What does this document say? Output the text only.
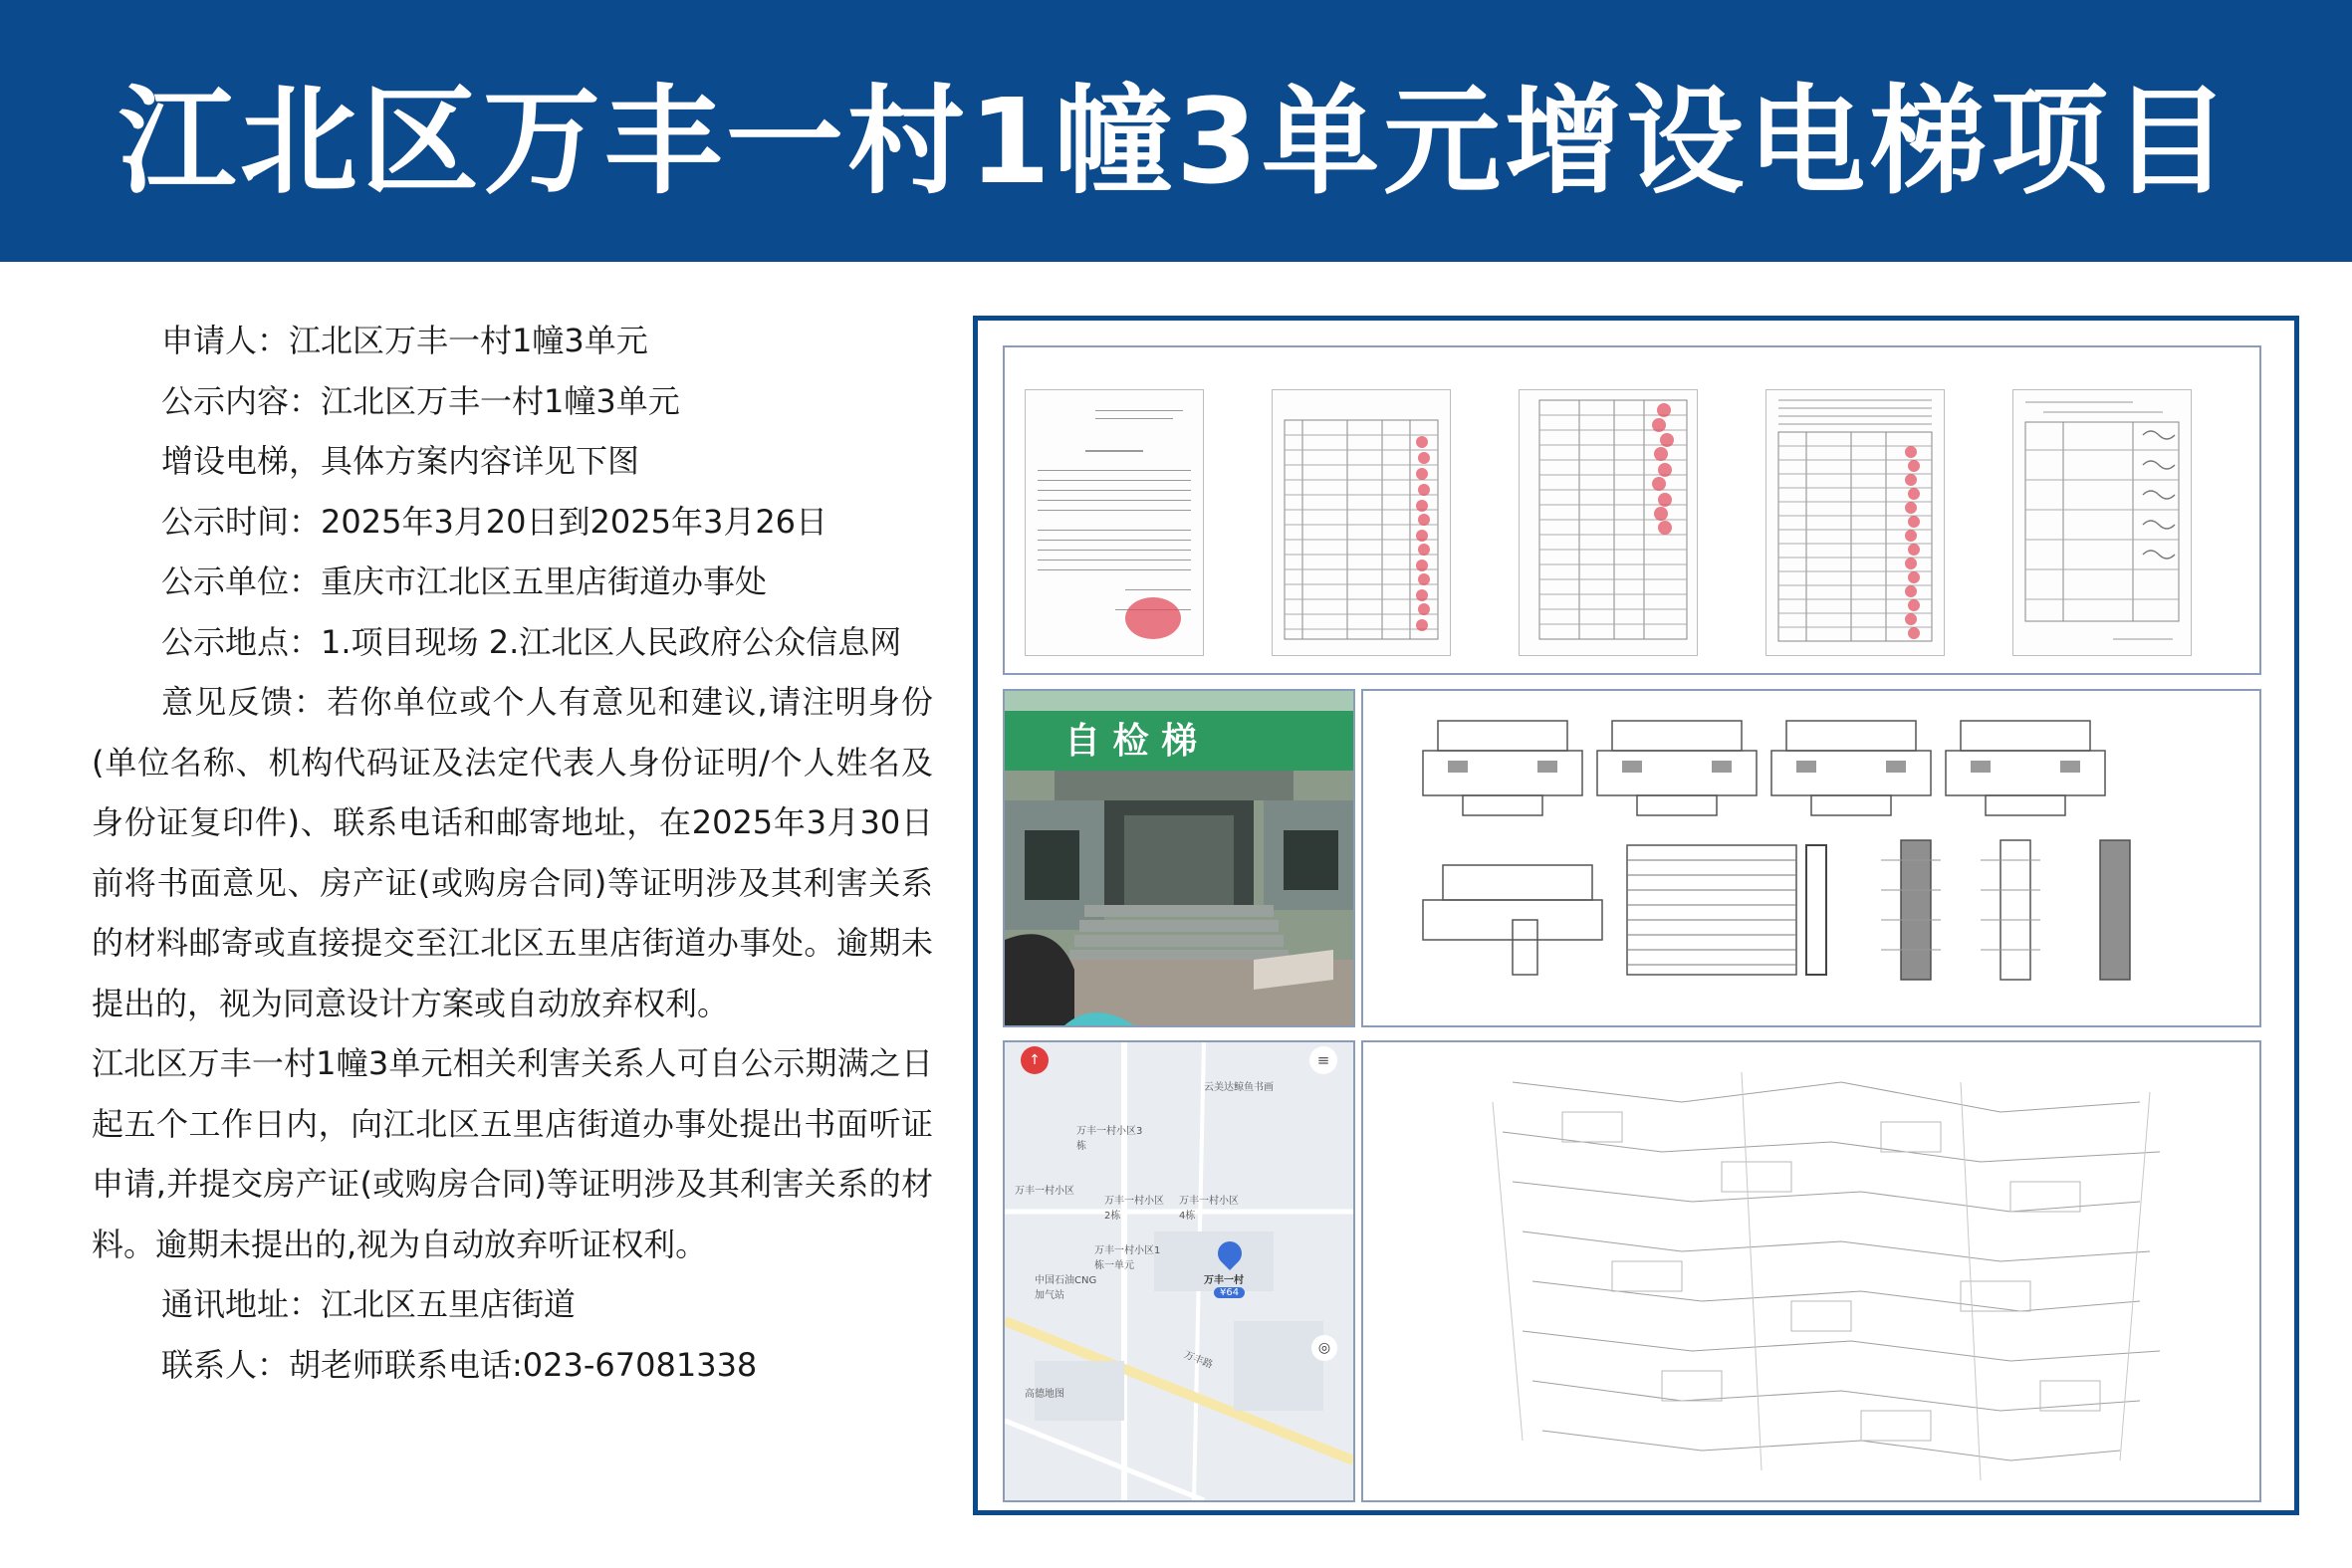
江北区万丰一村1幢3单元增设电梯项目

申请人：江北区万丰一村1幢3单元

公示内容：江北区万丰一村1幢3单元

增设电梯，具体方案内容详见下图

公示时间：2025年3月20日到2025年3月26日

公示单位：重庆市江北区五里店街道办事处

公示地点：1.项目现场 2.江北区人民政府公众信息网

意见反馈：若你单位或个人有意见和建议,请注明身份(单位名称、机构代码证及法定代表人身份证明/个人姓名及身份证复印件)、联系电话和邮寄地址，在2025年3月30日前将书面意见、房产证(或购房合同)等证明涉及其利害关系的材料邮寄或直接提交至江北区五里店街道办事处。逾期未提出的，视为同意设计方案或自动放弃权利。

江北区万丰一村1幢3单元相关利害关系人可自公示期满之日起五个工作日内，向江北区五里店街道办事处提出书面听证申请,并提交房产证(或购房合同)等证明涉及其利害关系的材料。逾期未提出的,视为自动放弃听证权利。

通讯地址：江北区五里店街道

联系人：胡老师联系电话:023-67081338

自 检 梯
↑	≡
◎
云美达鲸鱼书画
万丰一村小区3栋
万丰一村小区
万丰一村小区2栋
万丰一村小区4栋
万丰一村小区1栋一单元
万丰一村
¥64
中国石油CNG加气站
万丰路
高德地图
